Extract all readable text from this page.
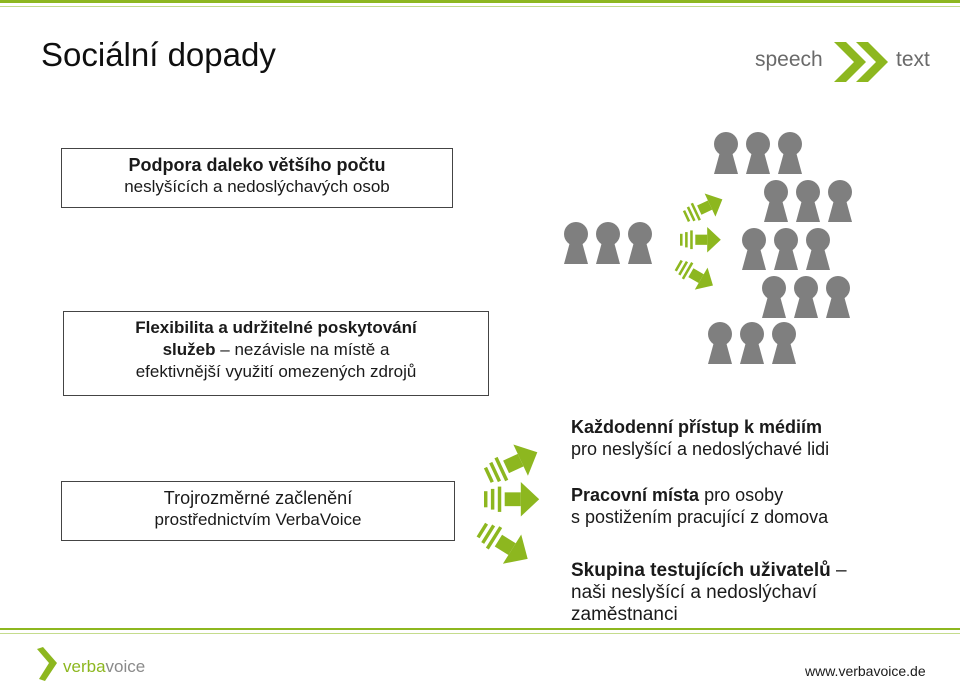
Sociální dopady	speech	text
Podpora daleko většího počtu
neslyšících a nedoslýchavých osob
Flexibilita a udržitelné poskytování
služeb – nezávisle na místě a
efektivnější využití omezených zdrojů
Trojrozměrné začlenění
prostřednictvím VerbaVoice
Každodenní přístup k médiím
pro neslyšící a nedoslýchavé lidi
Pracovní místa pro osoby
s postižením pracující z domova
Skupina testujících uživatelů –
naši neslyšící a nedoslýchaví
zaměstnanci
verbavoice	www.verbavoice.de
